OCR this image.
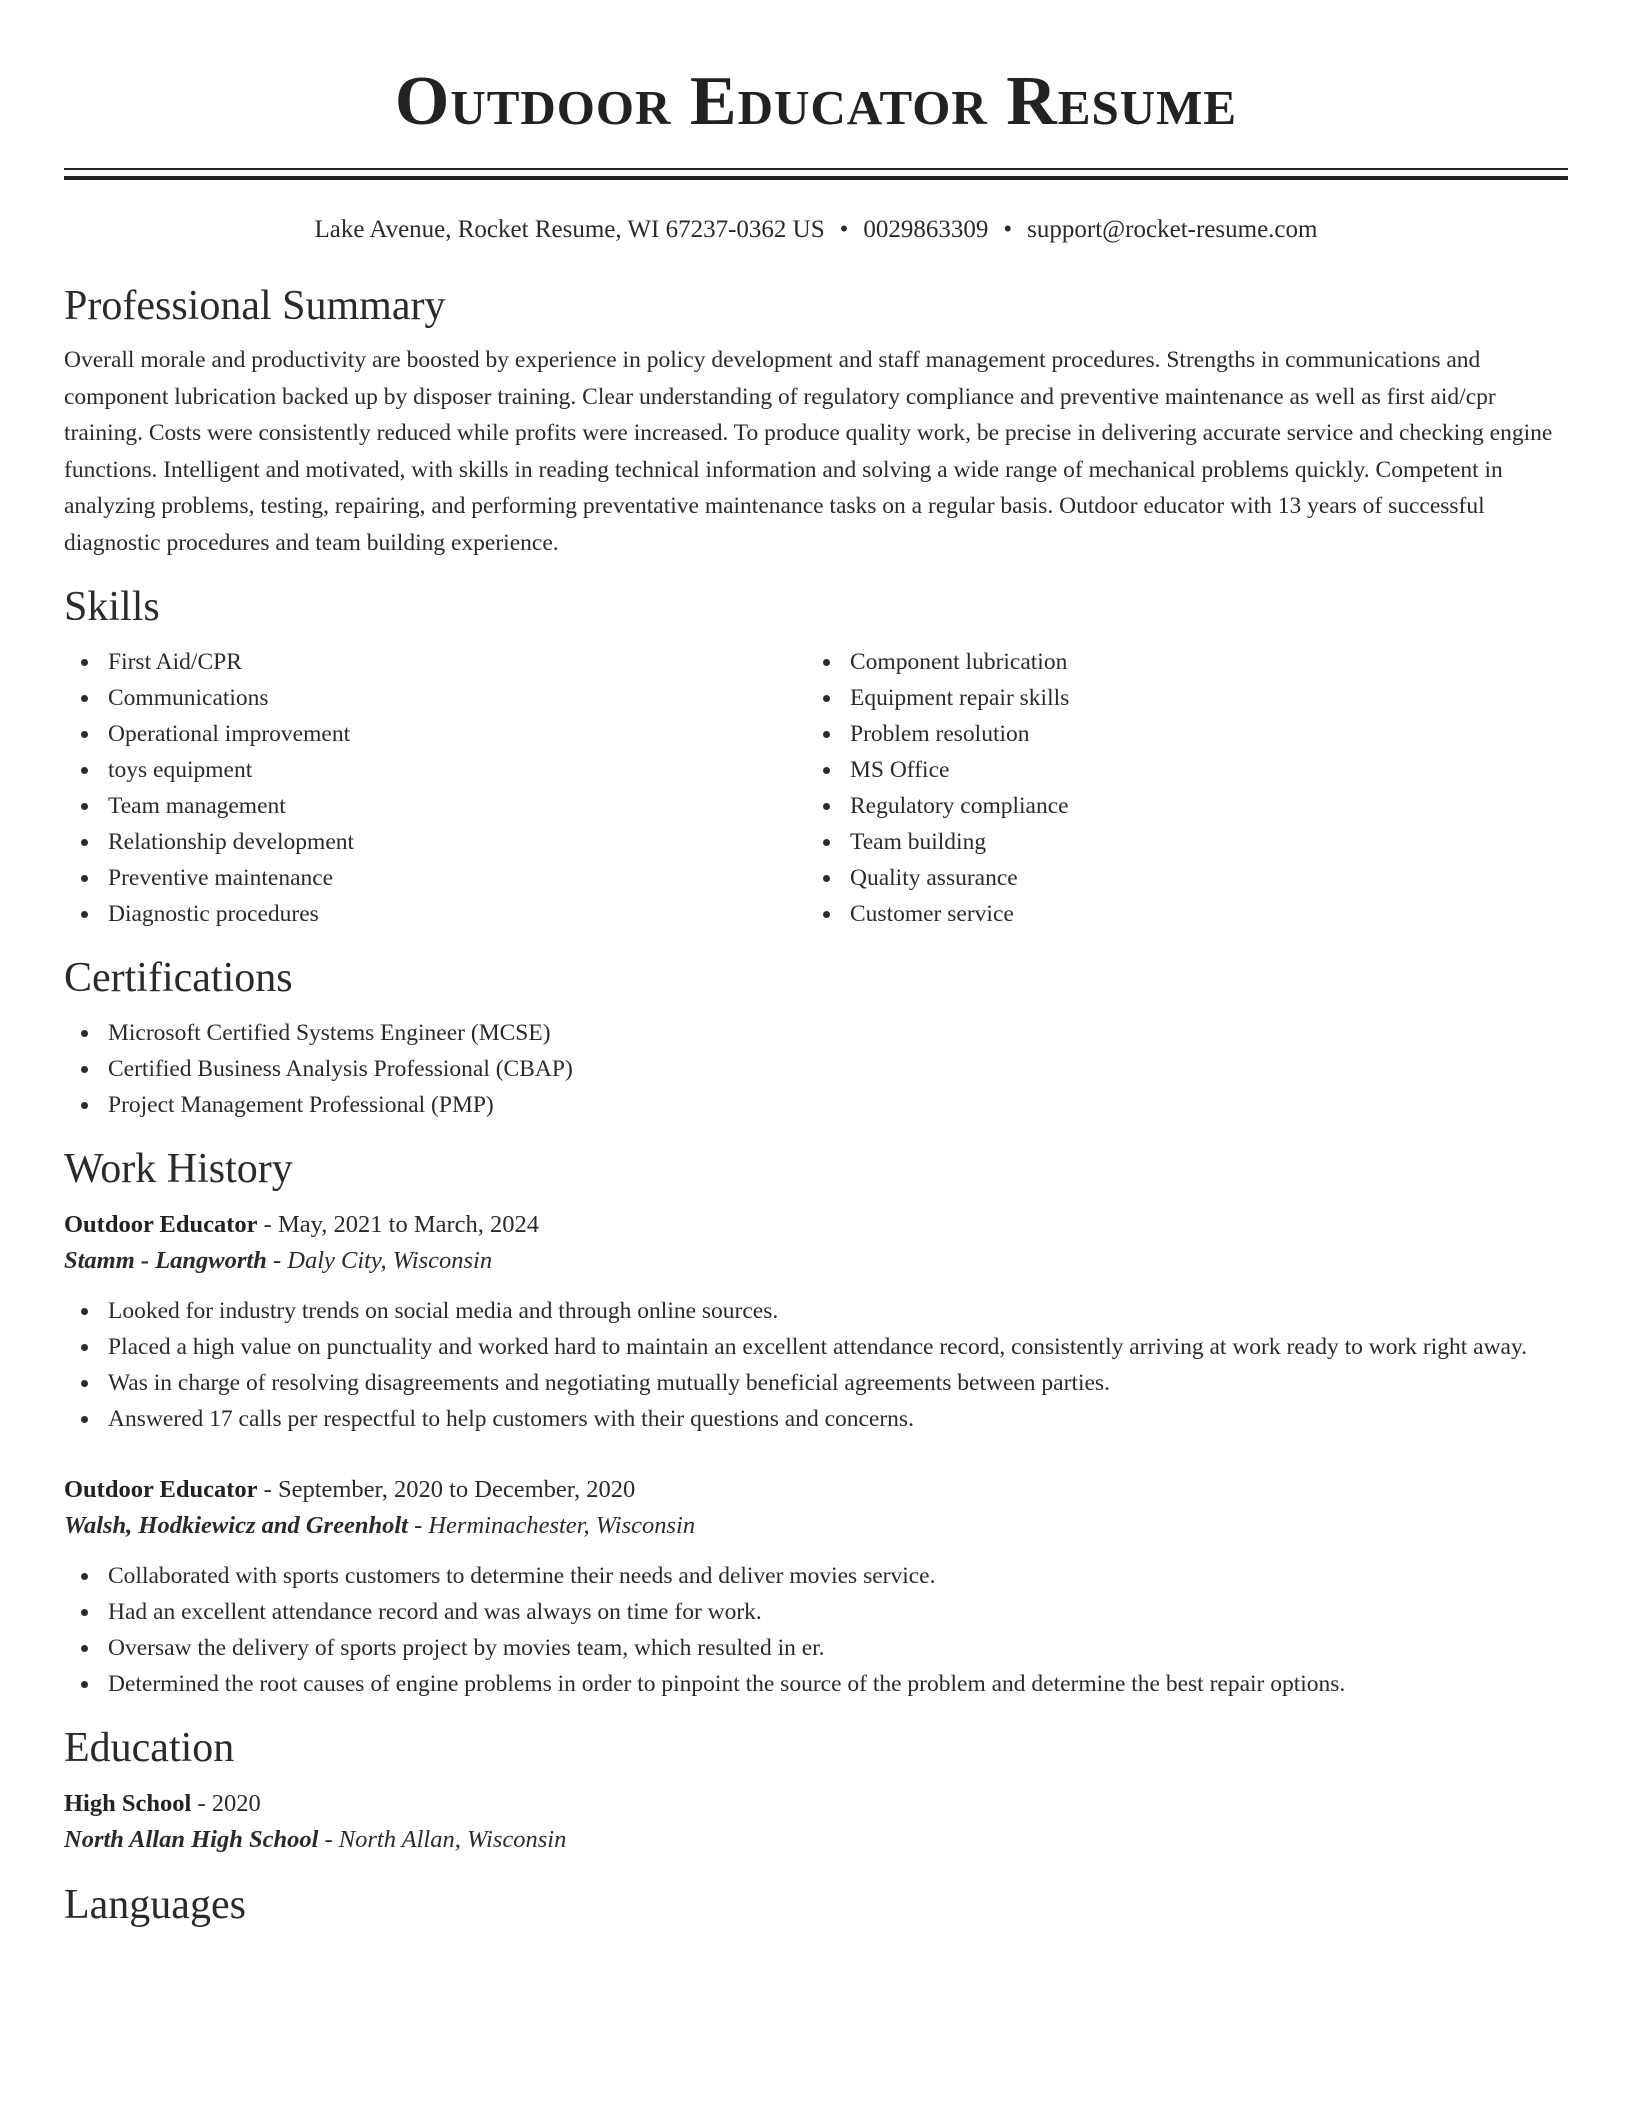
Outdoor Educator Resume
Lake Avenue, Rocket Resume, WI 67237-0362 US • 0029863309 • support@rocket-resume.com
Professional Summary

Overall morale and productivity are boosted by experience in policy development and staff management procedures. Strengths in communications and component lubrication backed up by disposer training. Clear understanding of regulatory compliance and preventive maintenance as well as first aid/cpr training. Costs were consistently reduced while profits were increased. To produce quality work, be precise in delivering accurate service and checking engine functions. Intelligent and motivated, with skills in reading technical information and solving a wide range of mechanical problems quickly. Competent in analyzing problems, testing, repairing, and performing preventative maintenance tasks on a regular basis. Outdoor educator with 13 years of successful diagnostic procedures and team building experience.

Skills
First Aid/CPR
Communications
Operational improvement
toys equipment
Team management
Relationship development
Preventive maintenance
Diagnostic procedures
Component lubrication
Equipment repair skills
Problem resolution
MS Office
Regulatory compliance
Team building
Quality assurance
Customer service
Certifications
Microsoft Certified Systems Engineer (MCSE)
Certified Business Analysis Professional (CBAP)
Project Management Professional (PMP)
Work History
Outdoor Educator - May, 2021 to March, 2024
Stamm - Langworth - Daly City, Wisconsin
Looked for industry trends on social media and through online sources.
Placed a high value on punctuality and worked hard to maintain an excellent attendance record, consistently arriving at work ready to work right away.
Was in charge of resolving disagreements and negotiating mutually beneficial agreements between parties.
Answered 17 calls per respectful to help customers with their questions and concerns.
Outdoor Educator - September, 2020 to December, 2020
Walsh, Hodkiewicz and Greenholt - Herminachester, Wisconsin
Collaborated with sports customers to determine their needs and deliver movies service.
Had an excellent attendance record and was always on time for work.
Oversaw the delivery of sports project by movies team, which resulted in er.
Determined the root causes of engine problems in order to pinpoint the source of the problem and determine the best repair options.
Education
High School - 2020
North Allan High School - North Allan, Wisconsin
Languages
